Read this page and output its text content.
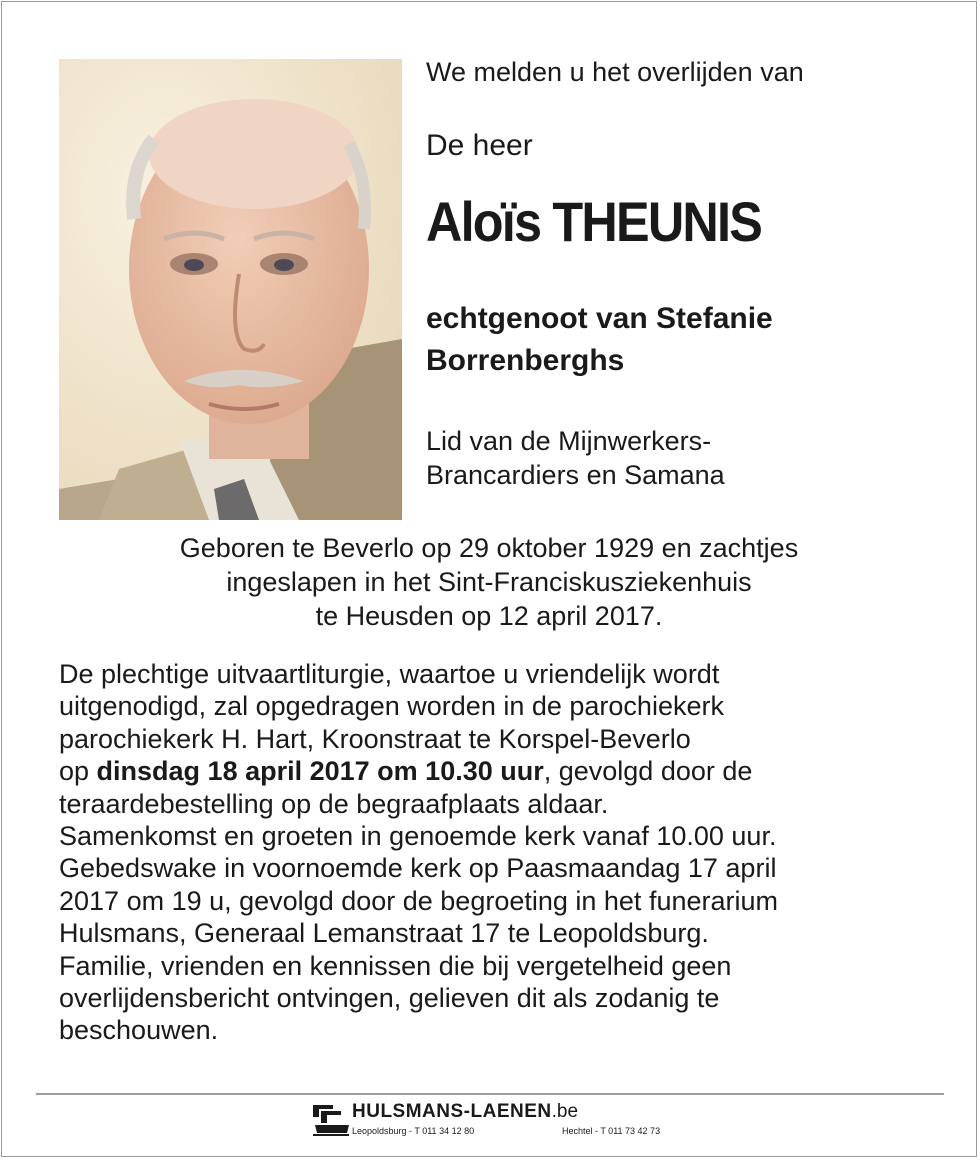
We melden u het overlijden van
De heer
Aloïs THEUNIS
echtgenoot van Stefanie
Borrenberghs
Lid van de Mijnwerkers-
Brancardiers en Samana
Geboren te Beverlo op 29 oktober 1929 en zachtjes
ingeslapen in het Sint-Franciskusziekenhuis
te Heusden op 12 april 2017.

De plechtige uitvaartliturgie, waartoe u vriendelijk wordt

uitgenodigd, zal opgedragen worden in de parochiekerk

parochiekerk H. Hart, Kroonstraat te Korspel-Beverlo

op dinsdag 18 april 2017 om 10.30 uur, gevolgd door de

teraardebestelling op de begraafplaats aldaar.

Samenkomst en groeten in genoemde kerk vanaf 10.00 uur.

Gebedswake in voornoemde kerk op Paasmaandag 17 april

2017 om 19 u, gevolgd door de begroeting in het funerarium

Hulsmans, Generaal Lemanstraat 17 te Leopoldsburg.

Familie, vrienden en kennissen die bij vergetelheid geen

overlijdensbericht ontvingen, gelieven dit als zodanig te

beschouwen.

HULSMANS-LAENEN.be
Leopoldsburg - T 011 34 12 80	Hechtel - T 011 73 42 73
